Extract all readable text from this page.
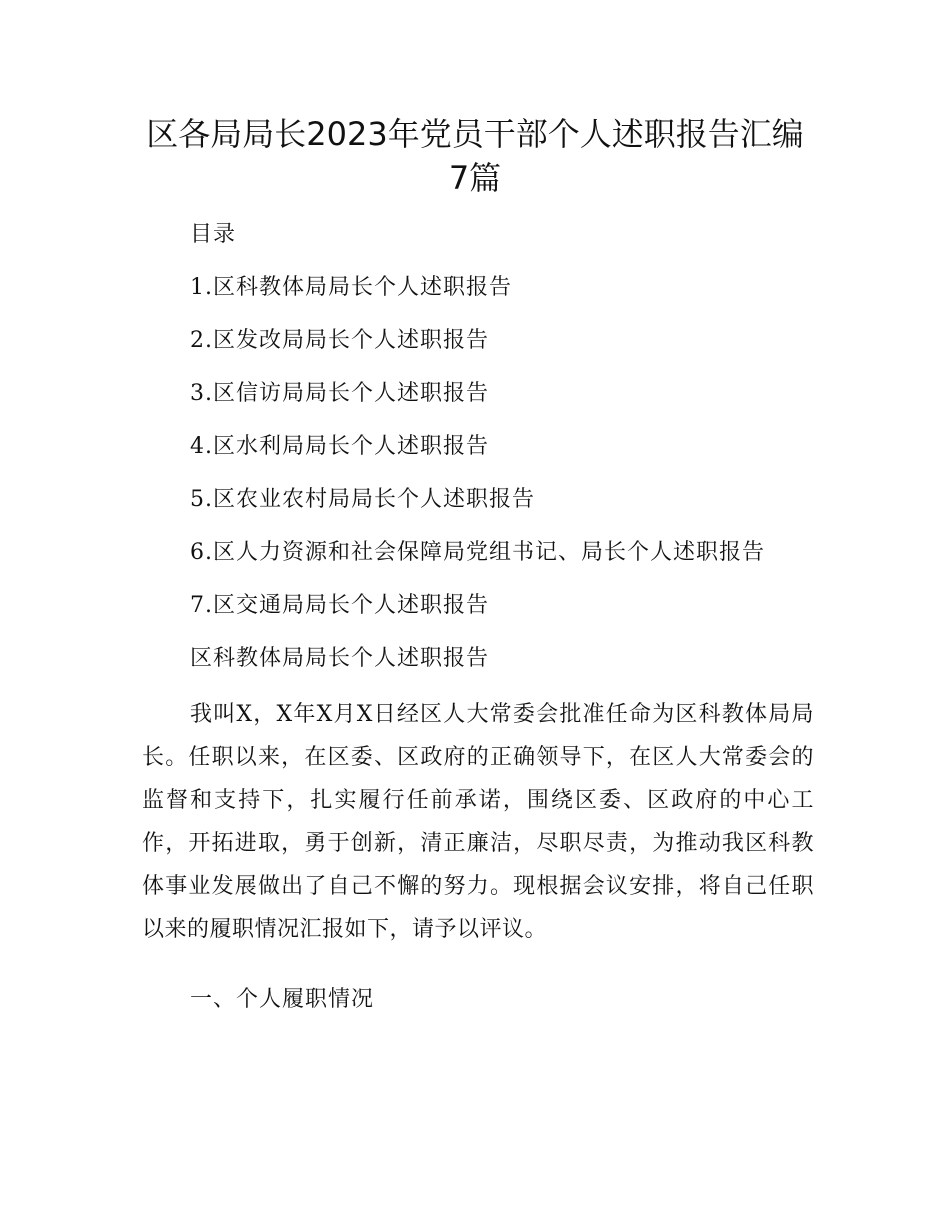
区各局局长2023年党员干部个人述职报告汇编
7篇
目录
1.区科教体局局长个人述职报告
2.区发改局局长个人述职报告
3.区信访局局长个人述职报告
4.区水利局局长个人述职报告
5.区农业农村局局长个人述职报告
6.区人力资源和社会保障局党组书记、局长个人述职报告
7.区交通局局长个人述职报告
区科教体局局长个人述职报告

我叫X，X年X月X日经区人大常委会批准任命为区科教体局局长。任职以来，在区委、区政府的正确领导下，在区人大常委会的监督和支持下，扎实履行任前承诺，围绕区委、区政府的中心工作，开拓进取，勇于创新，清正廉洁，尽职尽责，为推动我区科教体事业发展做出了自己不懈的努力。现根据会议安排，将自己任职以来的履职情况汇报如下，请予以评议。

一、个人履职情况
